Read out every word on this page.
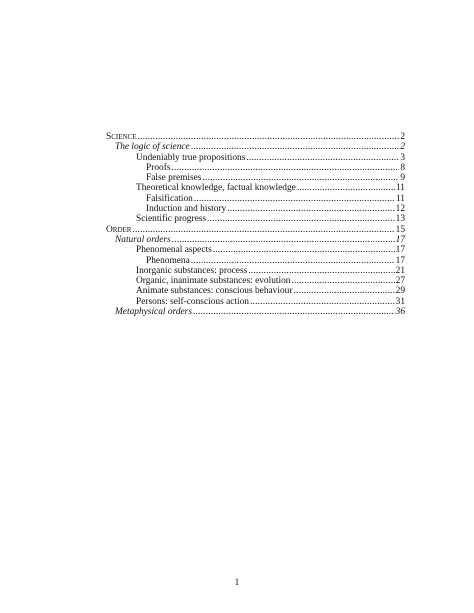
Science .....	2
The logic of science .....	2
Undeniably true propositions .....	3
Proofs .....	8
False premises .....	9
Theoretical knowledge, factual knowledge .....	11
Falsification .....	11
Induction and history .....	12
Scientific progress .....	13
Order .....	15
Natural orders .....	17
Phenomenal aspects .....	17
Phenomena .....	17
Inorganic substances: process .....	21
Organic, inanimate substances: evolution .....	27
Animate substances: conscious behaviour .....	29
Persons: self-conscious action .....	31
Metaphysical orders .....	36
1
